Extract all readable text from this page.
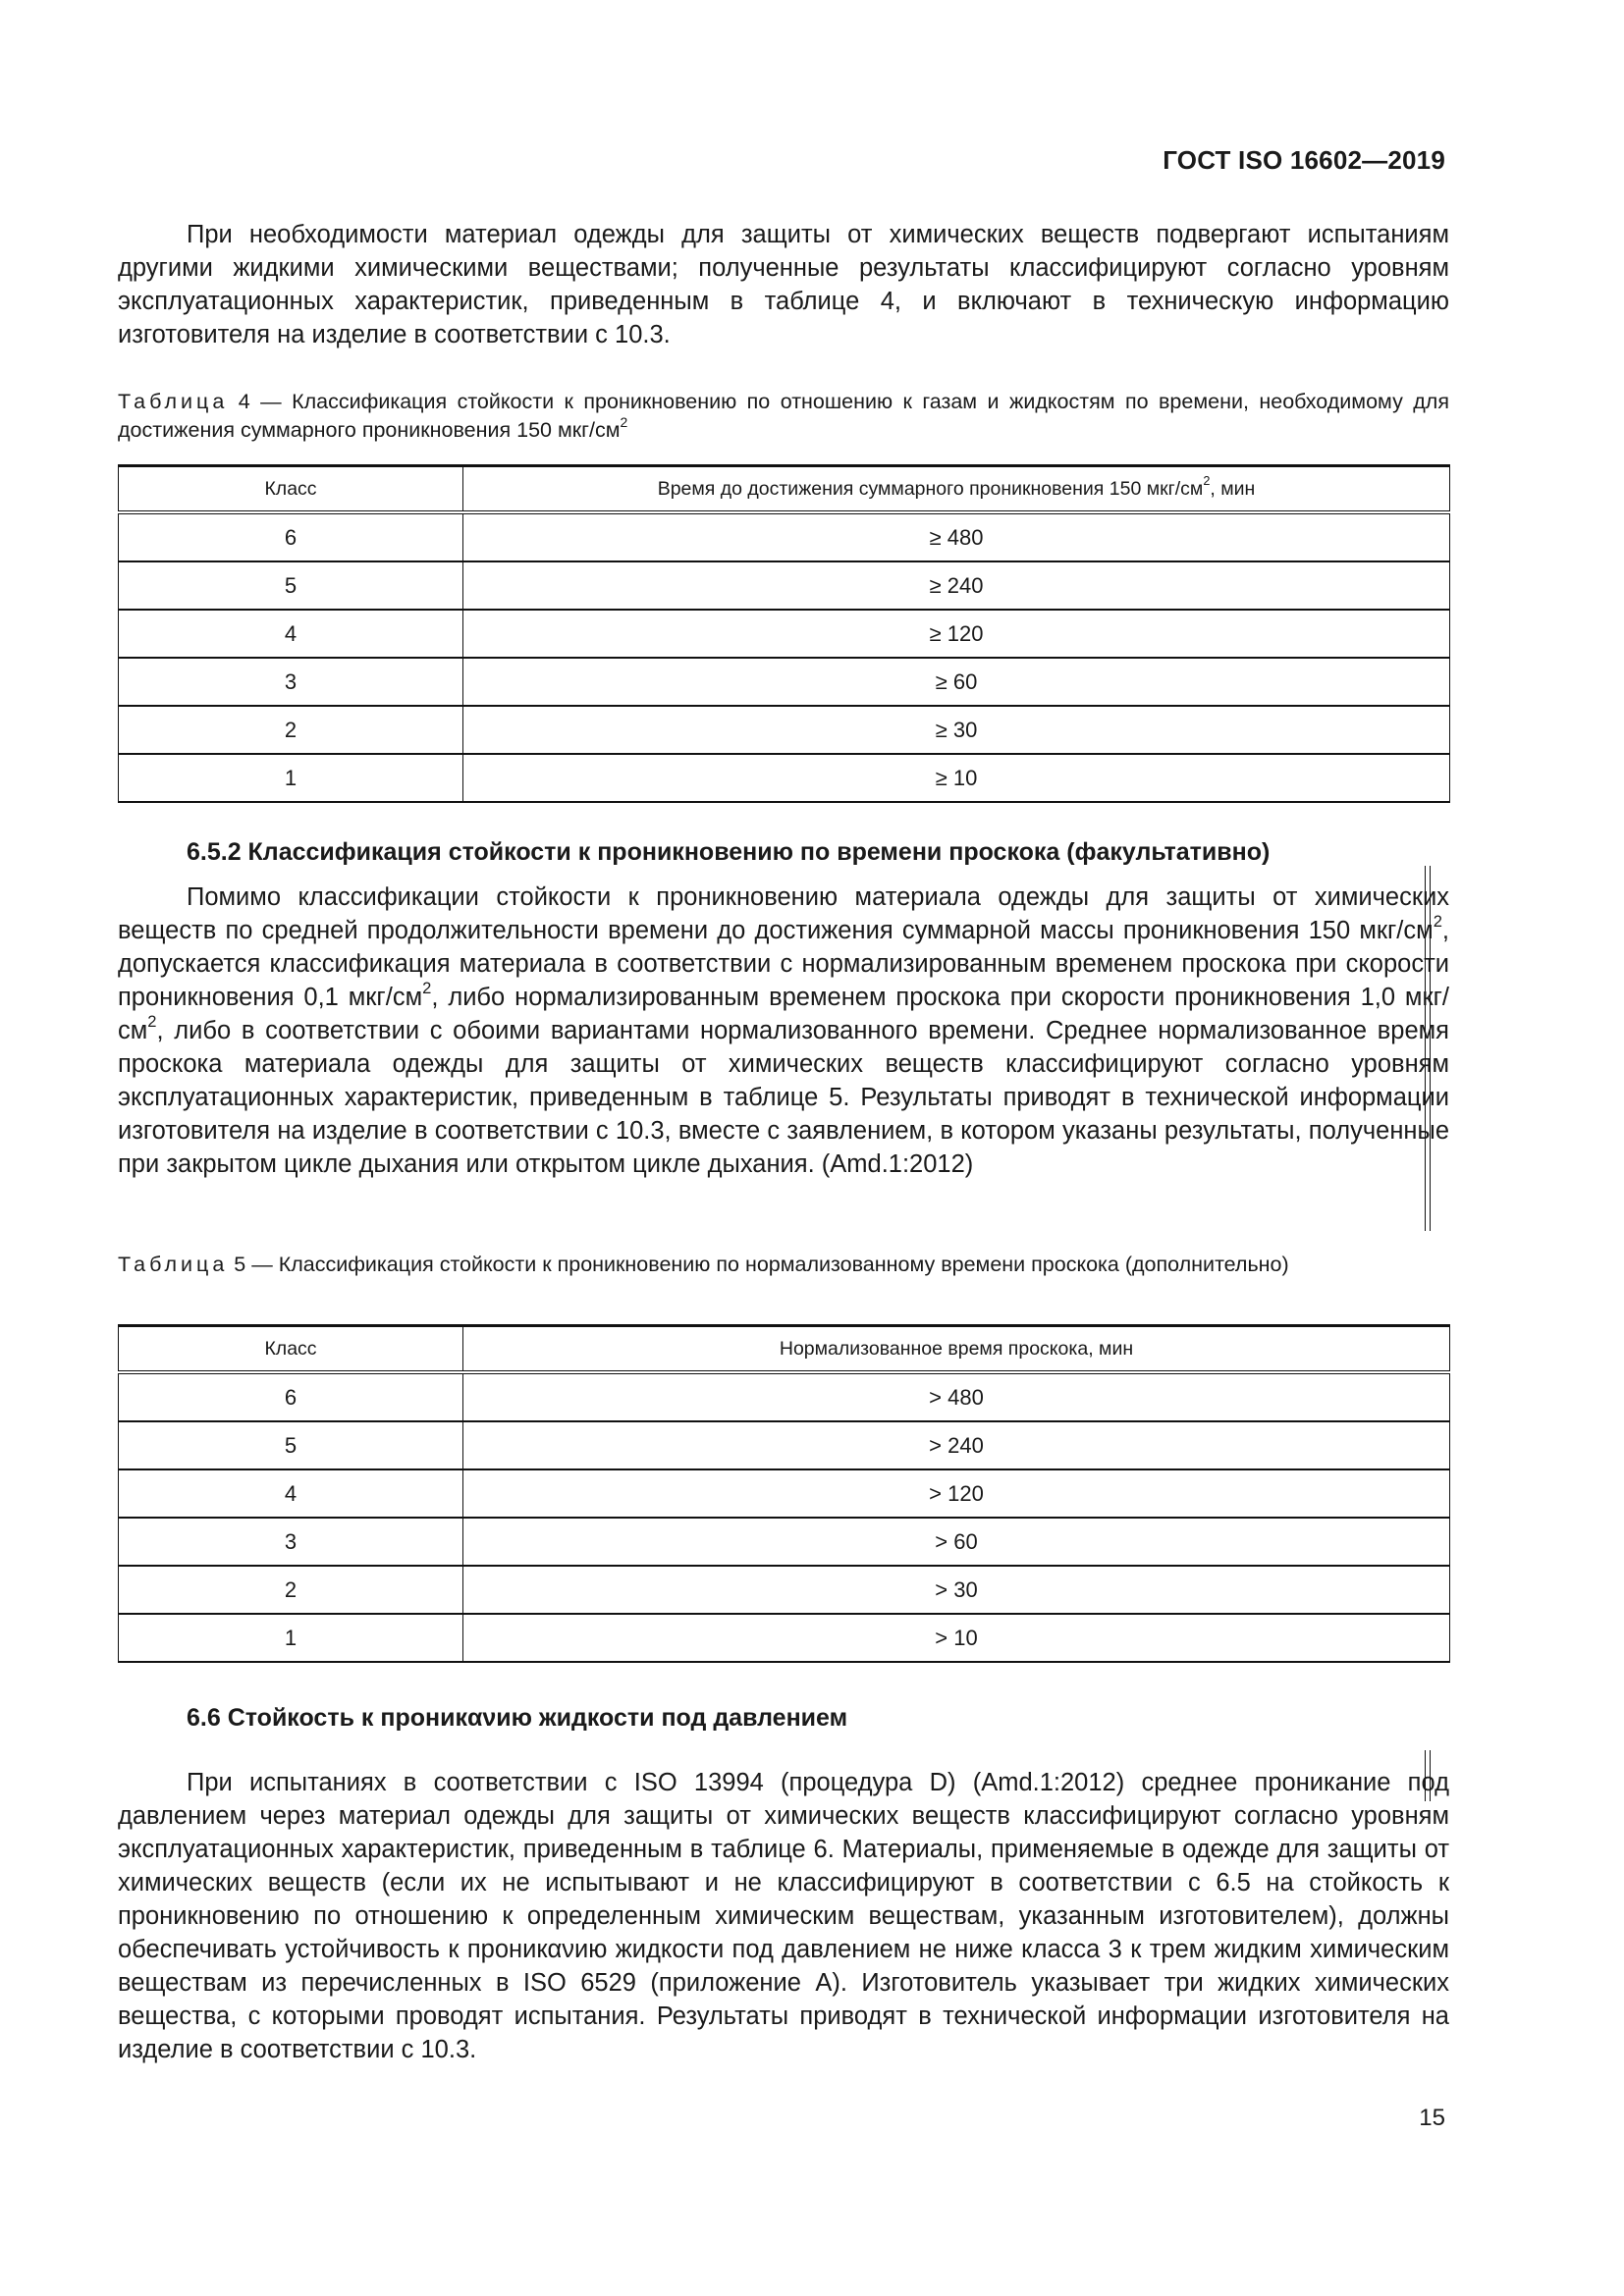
ГОСТ ISO 16602—2019
При необходимости материал одежды для защиты от химических веществ подвергают испытаниям другими жидкими химическими веществами; полученные результаты классифицируют согласно уровням эксплуатационных характеристик, приведенным в таблице 4, и включают в техническую информацию изготовителя на изделие в соответствии с 10.3.
Таблица 4 — Классификация стойкости к проникновению по отношению к газам и жидкостям по времени, необходимому для достижения суммарного проникновения 150 мкг/$см^2$
Класс	Время до достижения суммарного проникновения 150 мкг/$см^2$, мин
6	≥ 480
5	≥ 240
4	≥ 120
3	≥ 60
2	≥ 30
1	≥ 10
6.5.2 Классификация стойкости к проникновению по времени проскока (факультативно)
Помимо классификации стойкости к проникновению материала одежды для защиты от химических веществ по средней продолжительности времени до достижения суммарной массы проникновения 150 мкг/$см^2$, допускается классификация материала в соответствии с нормализированным временем проскока при скорости проникновения 0,1 мкг/$см^2$, либо нормализированным временем проскока при скорости проникновения 1,0 мкг/$см^2$, либо в соответствии с обоими вариантами нормализованного времени. Среднее нормализованное время проскока материала одежды для защиты от химических веществ классифицируют согласно уровням эксплуатационных характеристик, приведенным в таблице 5. Результаты приводят в технической информации изготовителя на изделие в соответствии с 10.3, вместе с заявлением, в котором указаны результаты, полученные при закрытом цикле дыхания или открытом цикле дыхания. (Amd.1:2012)
Таблица 5 — Классификация стойкости к проникновению по нормализованному времени проскока (дополнительно)
Класс	Нормализованное время проскока, мин
6	> 480
5	> 240
4	> 120
3	> 60
2	> 30
1	> 10
6.6 Стойкость к проникανию жидкости под давлением
При испытаниях в соответствии с ISO 13994 (процедура D) (Amd.1:2012) среднее проникание под давлением через материал одежды для защиты от химических веществ классифицируют согласно уровням эксплуатационных характеристик, приведенным в таблице 6. Материалы, применяемые в одежде для защиты от химических веществ (если их не испытывают и не классифицируют в соответствии с 6.5 на стойкость к проникновению по отношению к определенным химическим веществам, указанным изготовителем), должны обеспечивать устойчивость к проникανию жидкости под давлением не ниже класса 3 к трем жидким химическим веществам из перечисленных в ISO 6529 (приложение А). Изготовитель указывает три жидких химических вещества, с которыми проводят испытания. Результаты приводят в технической информации изготовителя на изделие в соответствии с 10.3.
15
